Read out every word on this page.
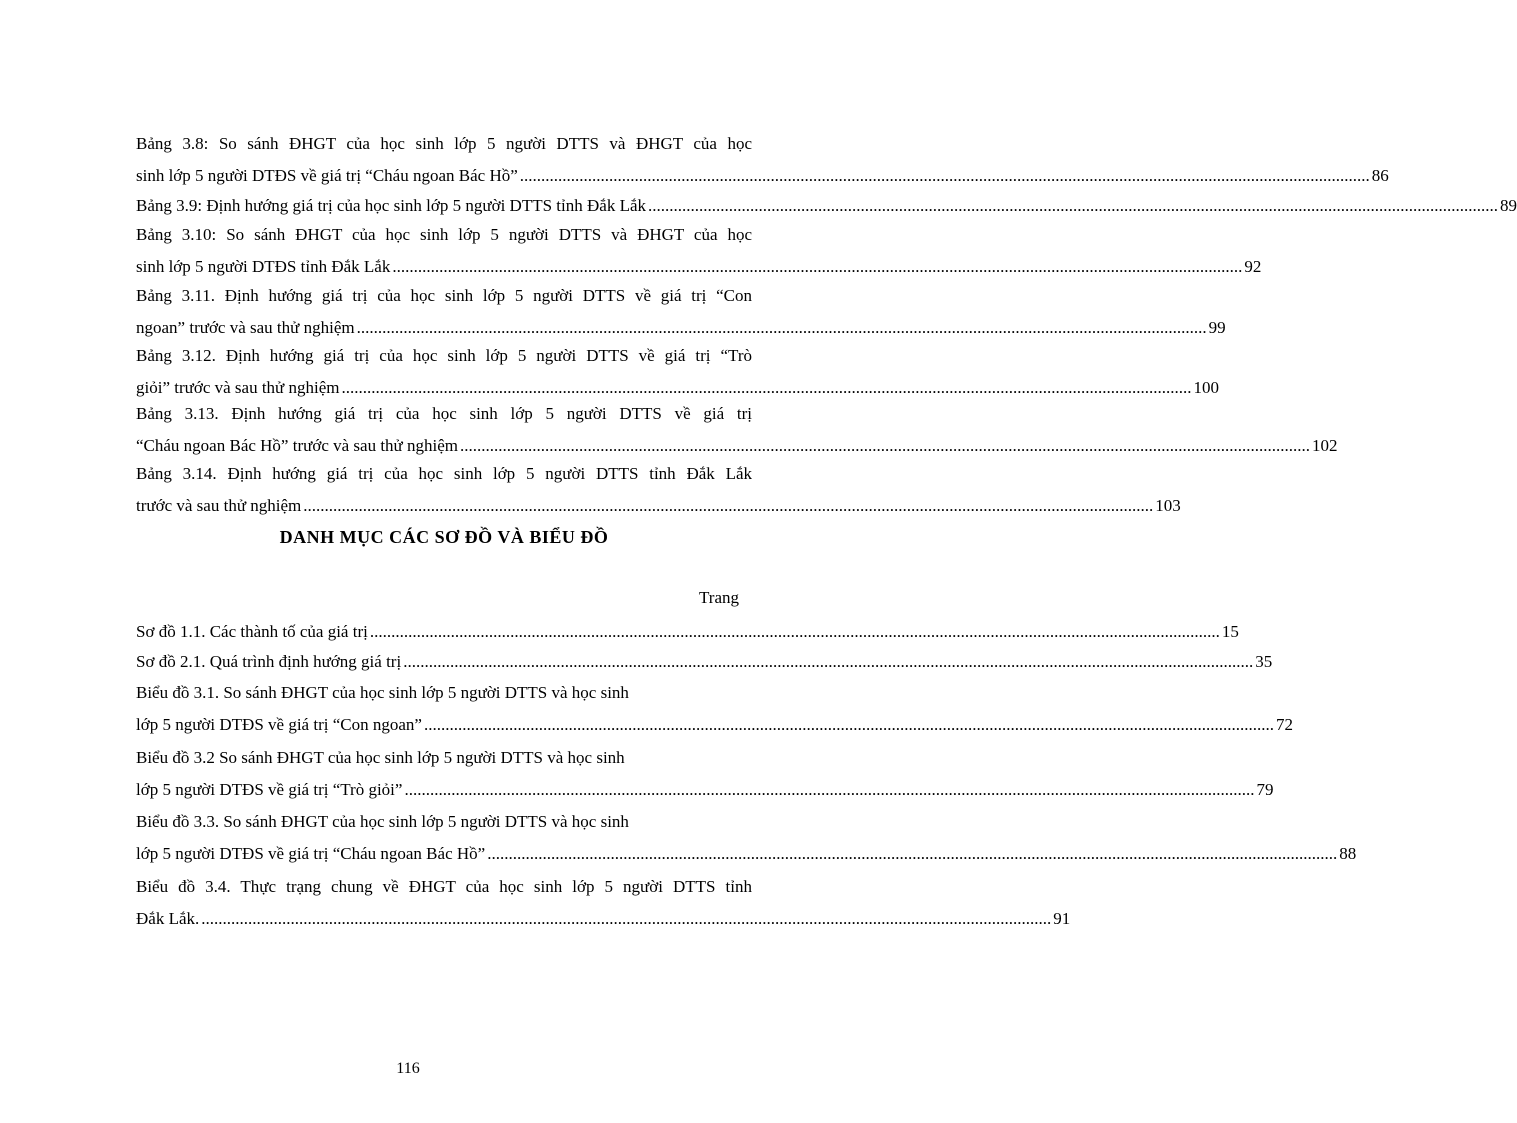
Bảng 3.8: So sánh ĐHGT của học sinh lớp 5 người DTTS và ĐHGT của học
sinh lớp 5 người DTĐS về giá trị “Cháu ngoan Bác Hồ” ........................................................................................................................................................................................................ 86
Bảng 3.9: Định hướng giá trị của học sinh lớp 5 người DTTS tỉnh Đắk Lắk ........................................................................................................................................................................................................ 89
Bảng 3.10: So sánh ĐHGT của học sinh lớp 5 người DTTS và ĐHGT của học
sinh lớp 5 người DTĐS tỉnh Đắk Lắk ........................................................................................................................................................................................................ 92
Bảng 3.11. Định hướng giá trị của học sinh lớp 5 người DTTS về giá trị “Con
ngoan” trước và sau thử nghiệm ........................................................................................................................................................................................................ 99
Bảng 3.12. Định hướng giá trị của học sinh lớp 5 người DTTS về giá trị “Trò
giỏi” trước và sau thử nghiệm ........................................................................................................................................................................................................ 100
Bảng 3.13. Định hướng giá trị của học sinh lớp 5 người DTTS về giá trị
“Cháu ngoan Bác Hồ” trước và sau thử nghiệm ........................................................................................................................................................................................................ 102
Bảng 3.14. Định hướng giá trị của học sinh lớp 5 người DTTS tỉnh Đắk Lắk
trước và sau thử nghiệm ........................................................................................................................................................................................................ 103
DANH MỤC CÁC SƠ ĐỒ VÀ BIỂU ĐỒ
Trang
Sơ đồ 1.1. Các thành tố của giá trị ........................................................................................................................................................................................................ 15
Sơ đồ 2.1. Quá trình định hướng giá trị ........................................................................................................................................................................................................ 35
Biểu đồ 3.1. So sánh ĐHGT của học sinh lớp 5 người DTTS và học sinh
lớp 5 người DTĐS về giá trị “Con ngoan” ........................................................................................................................................................................................................ 72
Biểu đồ 3.2 So sánh ĐHGT của học sinh lớp 5 người DTTS và học sinh
lớp 5 người DTĐS về giá trị “Trò giỏi” ........................................................................................................................................................................................................ 79
Biểu đồ 3.3. So sánh ĐHGT của học sinh lớp 5 người DTTS và học sinh
lớp 5 người DTĐS về giá trị “Cháu ngoan Bác Hồ” ........................................................................................................................................................................................................ 88
Biểu đồ 3.4. Thực trạng chung về ĐHGT của học sinh lớp 5 người DTTS tỉnh
Đắk Lắk. ........................................................................................................................................................................................................ 91
116
